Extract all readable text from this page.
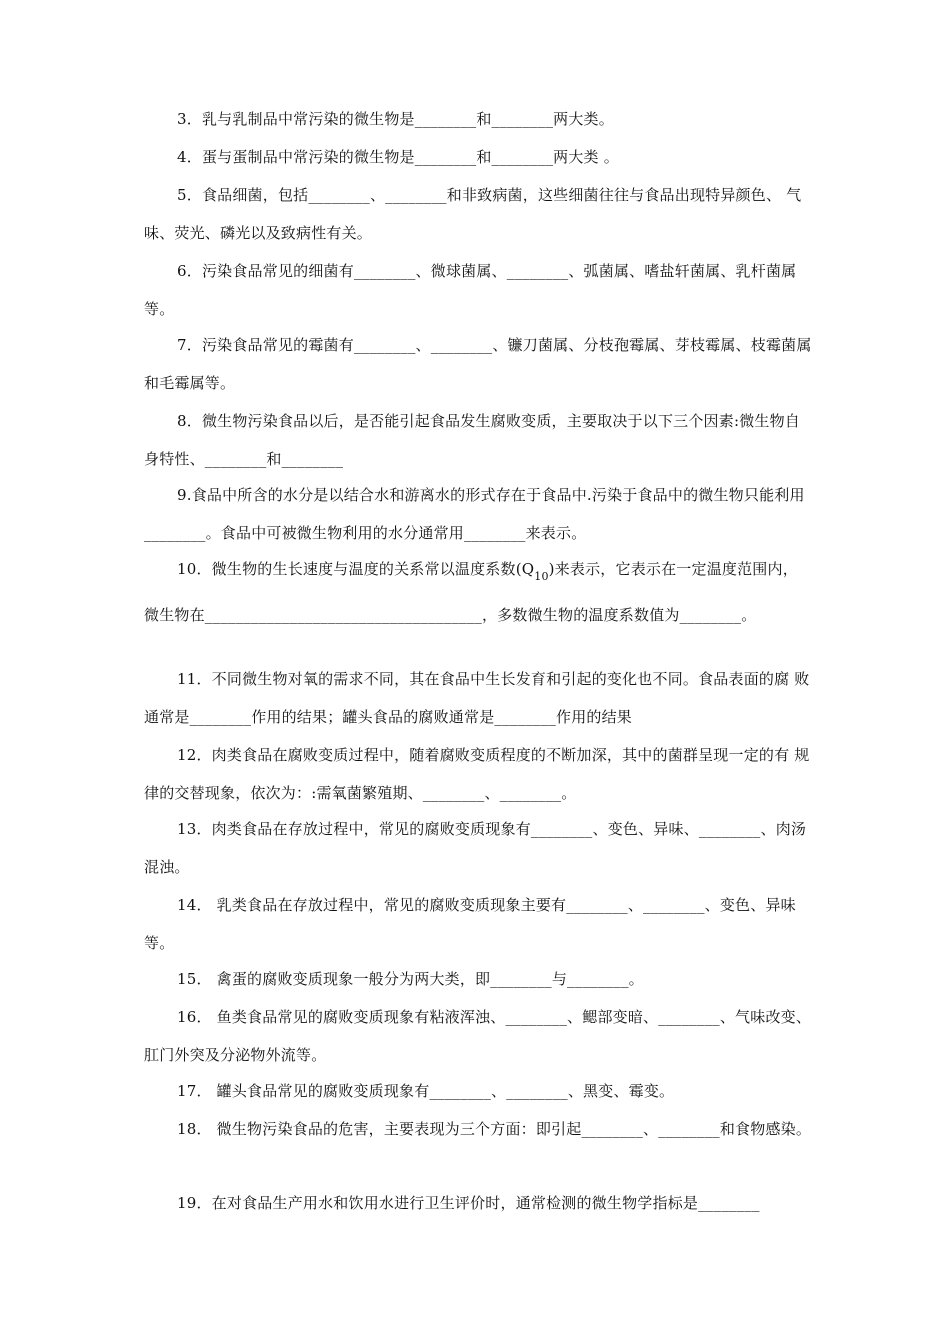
3．乳与乳制品中常污染的微生物是________和________两大类。

4．蛋与蛋制品中常污染的微生物是________和________两大类 。

5．食品细菌，包括________、________和非致病菌，这些细菌往往与食品出现特异颜色、 气味、荧光、磷光以及致病性有关。

6．污染食品常见的细菌有________、微球菌属、________、弧菌属、嗜盐轩菌属、乳杆菌属等。

7．污染食品常见的霉菌有________、________、镰刀菌属、分枝孢霉属、芽枝霉属、枝霉菌属和毛霉属等。

8．微生物污染食品以后，是否能引起食品发生腐败变质，主要取决于以下三个因素:微生物自身特性、________和________

9.食品中所含的水分是以结合水和游离水的形式存在于食品中.污染于食品中的微生物只能利用________。食品中可被微生物利用的水分通常用________来表示。

10．微生物的生长速度与温度的关系常以温度系数$(Q_{10})$来表示，它表示在一定温度范围内， 微生物在____________________________________，多数微生物的温度系数值为________。

11．不同微生物对氧的需求不同，其在食品中生长发育和引起的变化也不同。食品表面的腐 败通常是________作用的结果；罐头食品的腐败通常是________作用的结果

12．肉类食品在腐败变质过程中，随着腐败变质程度的不断加深，其中的菌群呈现一定的有 规律的交替现象，依次为：:需氧菌繁殖期、________、________。

13．肉类食品在存放过程中，常见的腐败变质现象有________、变色、异味、________、肉汤混浊。

14． 乳类食品在存放过程中，常见的腐败变质现象主要有________、________、变色、异味等。

15． 禽蛋的腐败变质现象一般分为两大类，即________与________。

16． 鱼类食品常见的腐败变质现象有粘液浑浊、________、鳃部变暗、________、气味改变、肛门外突及分泌物外流等。

17． 罐头食品常见的腐败变质现象有________、________、黑变、霉变。

18． 微生物污染食品的危害，主要表现为三个方面：即引起________、________和食物感染。

19．在对食品生产用水和饮用水进行卫生评价时，通常检测的微生物学指标是________
